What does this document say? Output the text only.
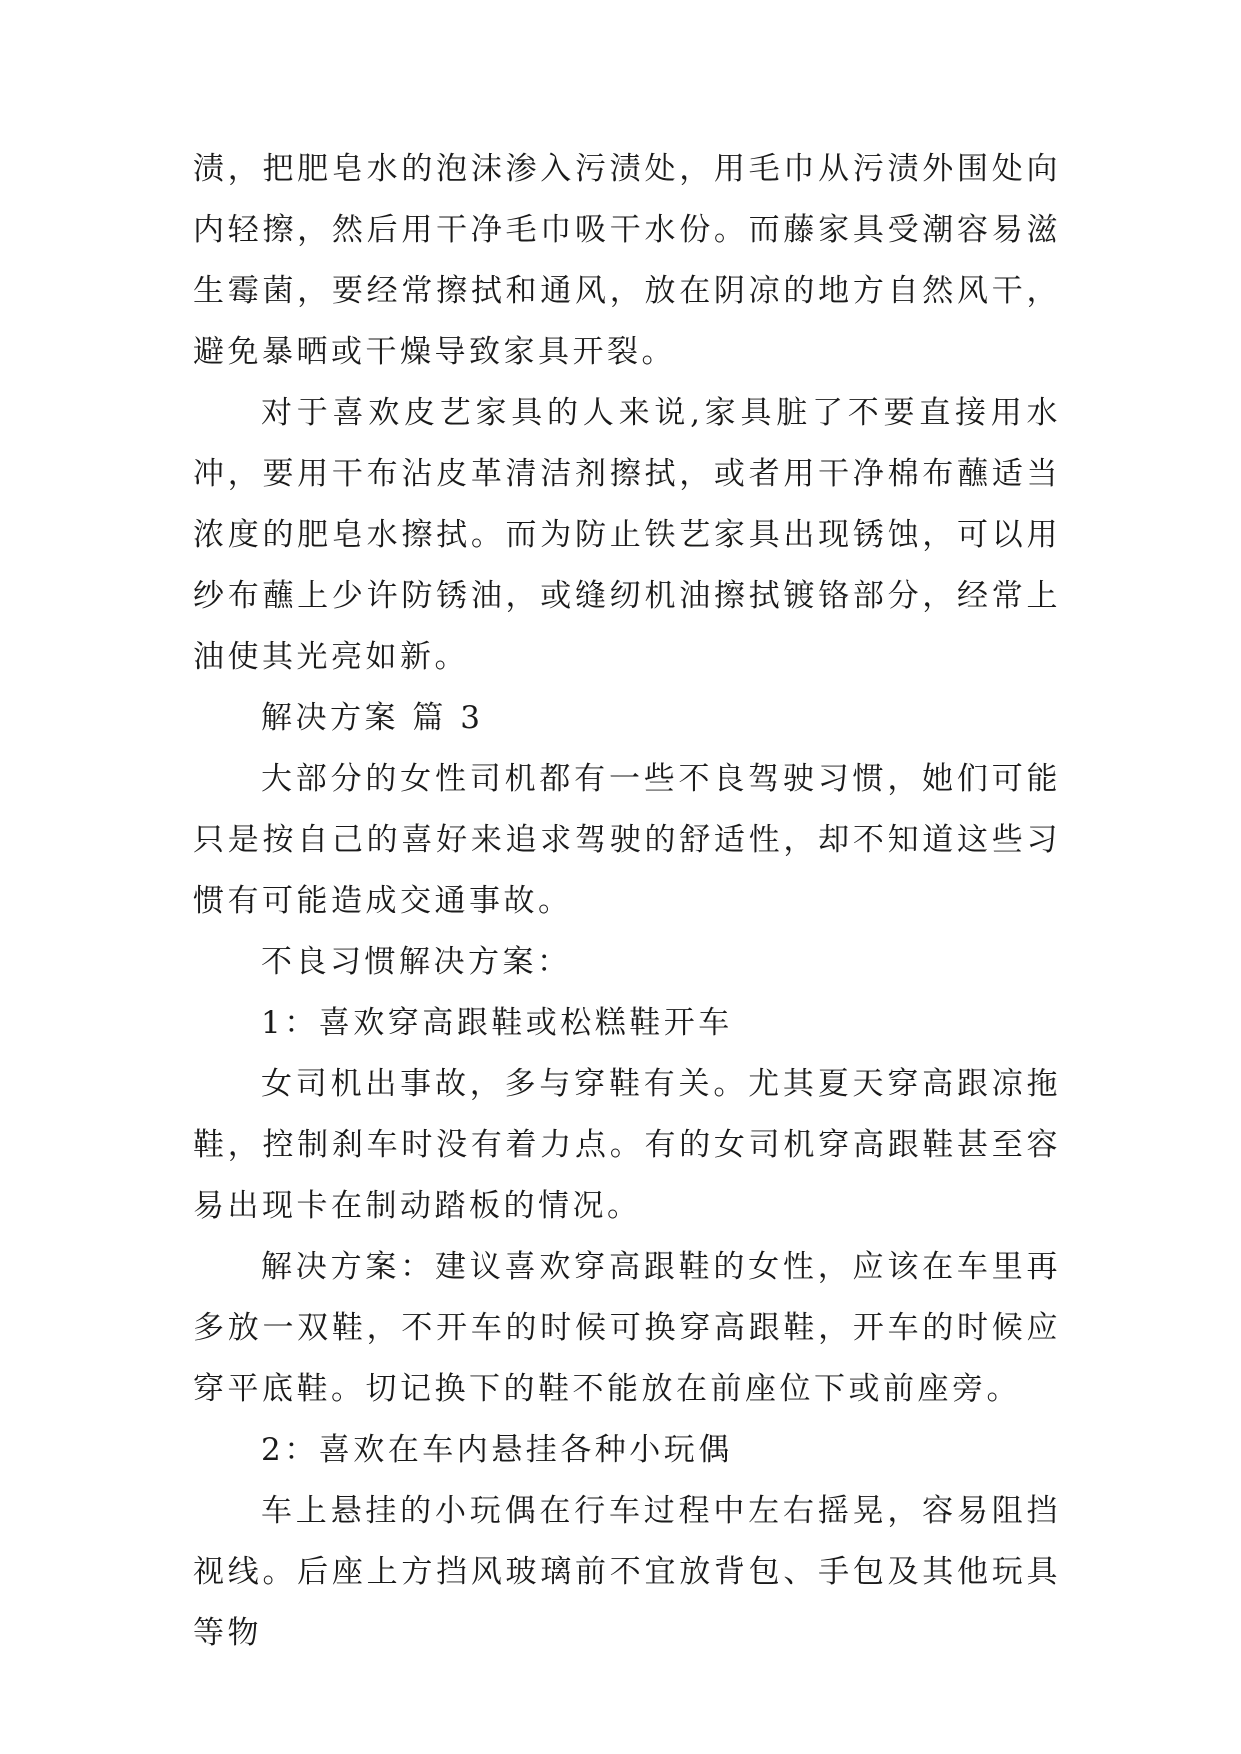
渍，把肥皂水的泡沫渗入污渍处，用毛巾从污渍外围处向内轻擦，然后用干净毛巾吸干水份。而藤家具受潮容易滋生霉菌，要经常擦拭和通风，放在阴凉的地方自然风干，避免暴晒或干燥导致家具开裂。

对于喜欢皮艺家具的人来说,家具脏了不要直接用水冲，要用干布沾皮革清洁剂擦拭，或者用干净棉布蘸适当浓度的肥皂水擦拭。而为防止铁艺家具出现锈蚀，可以用纱布蘸上少许防锈油，或缝纫机油擦拭镀铬部分，经常上油使其光亮如新。

解决方案 篇 3

大部分的女性司机都有一些不良驾驶习惯，她们可能只是按自己的喜好来追求驾驶的舒适性，却不知道这些习惯有可能造成交通事故。

不良习惯解决方案：

1：喜欢穿高跟鞋或松糕鞋开车

女司机出事故，多与穿鞋有关。尤其夏天穿高跟凉拖鞋，控制刹车时没有着力点。有的女司机穿高跟鞋甚至容易出现卡在制动踏板的情况。

解决方案：建议喜欢穿高跟鞋的女性，应该在车里再多放一双鞋，不开车的时候可换穿高跟鞋，开车的时候应穿平底鞋。切记换下的鞋不能放在前座位下或前座旁。

2：喜欢在车内悬挂各种小玩偶

车上悬挂的小玩偶在行车过程中左右摇晃，容易阻挡视线。后座上方挡风玻璃前不宜放背包、手包及其他玩具等物
